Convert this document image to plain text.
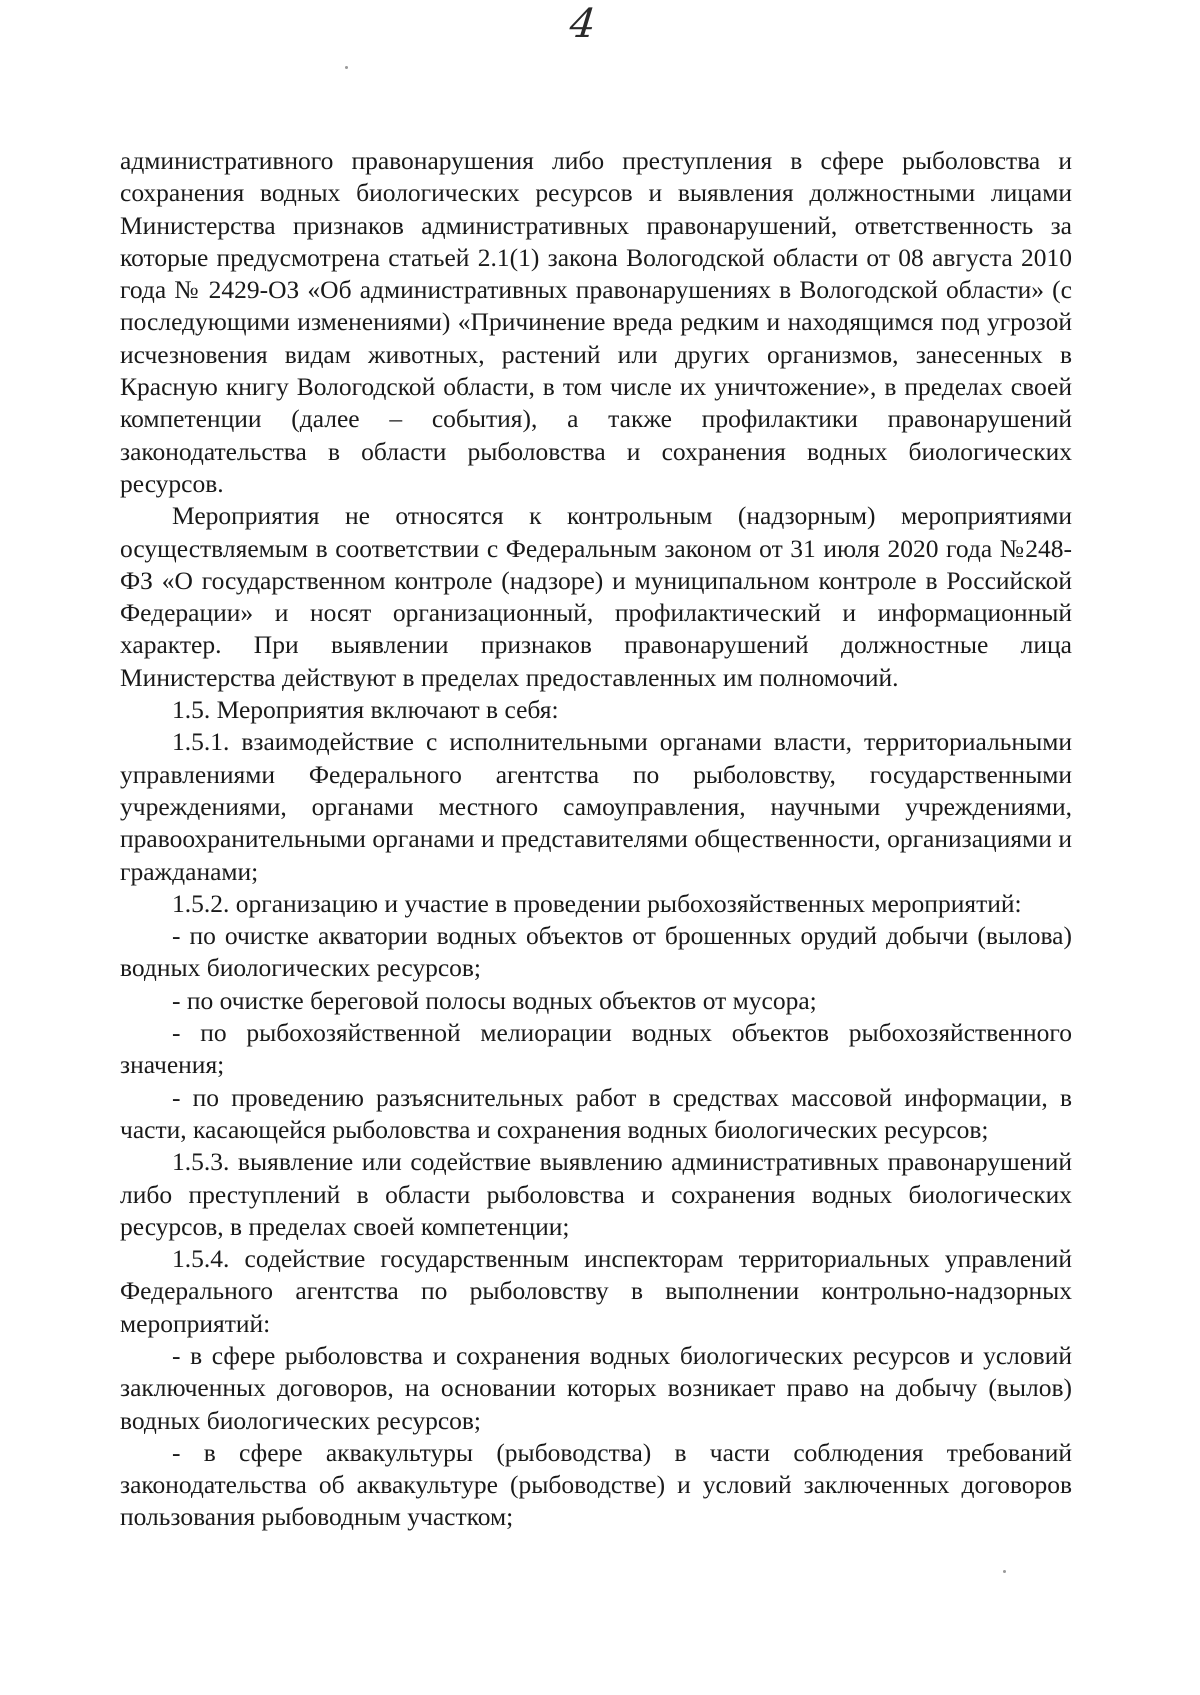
4

административного правонарушения либо преступления в сфере рыболовства и сохранения водных биологических ресурсов и выявления должностными лицами Министерства признаков административных правонарушений, ответственность за которые предусмотрена статьей 2.1(1) закона Вологодской области от 08 августа 2010 года № 2429-ОЗ «Об административных правонарушениях в Вологодской области» (с последующими изменениями) «Причинение вреда редким и находящимся под угрозой исчезновения видам животных, растений или других организмов, занесенных в Красную книгу Вологодской области, в том числе их уничтожение», в пределах своей компетенции (далее – события), а также профилактики правонарушений законодательства в области рыболовства и сохранения водных биологических ресурсов.

Мероприятия не относятся к контрольным (надзорным) мероприятиями осуществляемым в соответствии с Федеральным законом от 31 июля 2020 года №248-ФЗ «О государственном контроле (надзоре) и муниципальном контроле в Российской Федерации» и носят организационный, профилактический и информационный характер. При выявлении признаков правонарушений должностные лица Министерства действуют в пределах предоставленных им полномочий.

1.5. Мероприятия включают в себя:

1.5.1. взаимодействие с исполнительными органами власти, территориальными управлениями Федерального агентства по рыболовству, государственными учреждениями, органами местного самоуправления, научными учреждениями, правоохранительными органами и представителями общественности, организациями и гражданами;

1.5.2. организацию и участие в проведении рыбохозяйственных мероприятий:

- по очистке акватории водных объектов от брошенных орудий добычи (вылова) водных биологических ресурсов;

- по очистке береговой полосы водных объектов от мусора;

- по рыбохозяйственной мелиорации водных объектов рыбохозяйственного значения;

- по проведению разъяснительных работ в средствах массовой информации, в части, касающейся рыболовства и сохранения водных биологических ресурсов;

1.5.3. выявление или содействие выявлению административных правонарушений либо преступлений в области рыболовства и сохранения водных биологических ресурсов, в пределах своей компетенции;

1.5.4. содействие государственным инспекторам территориальных управлений Федерального агентства по рыболовству в выполнении контрольно-надзорных мероприятий:

- в сфере рыболовства и сохранения водных биологических ресурсов и условий заключенных договоров, на основании которых возникает право на добычу (вылов) водных биологических ресурсов;

- в сфере аквакультуры (рыбоводства) в части соблюдения требований законодательства об аквакультуре (рыбоводстве) и условий заключенных договоров пользования рыбоводным участком;
